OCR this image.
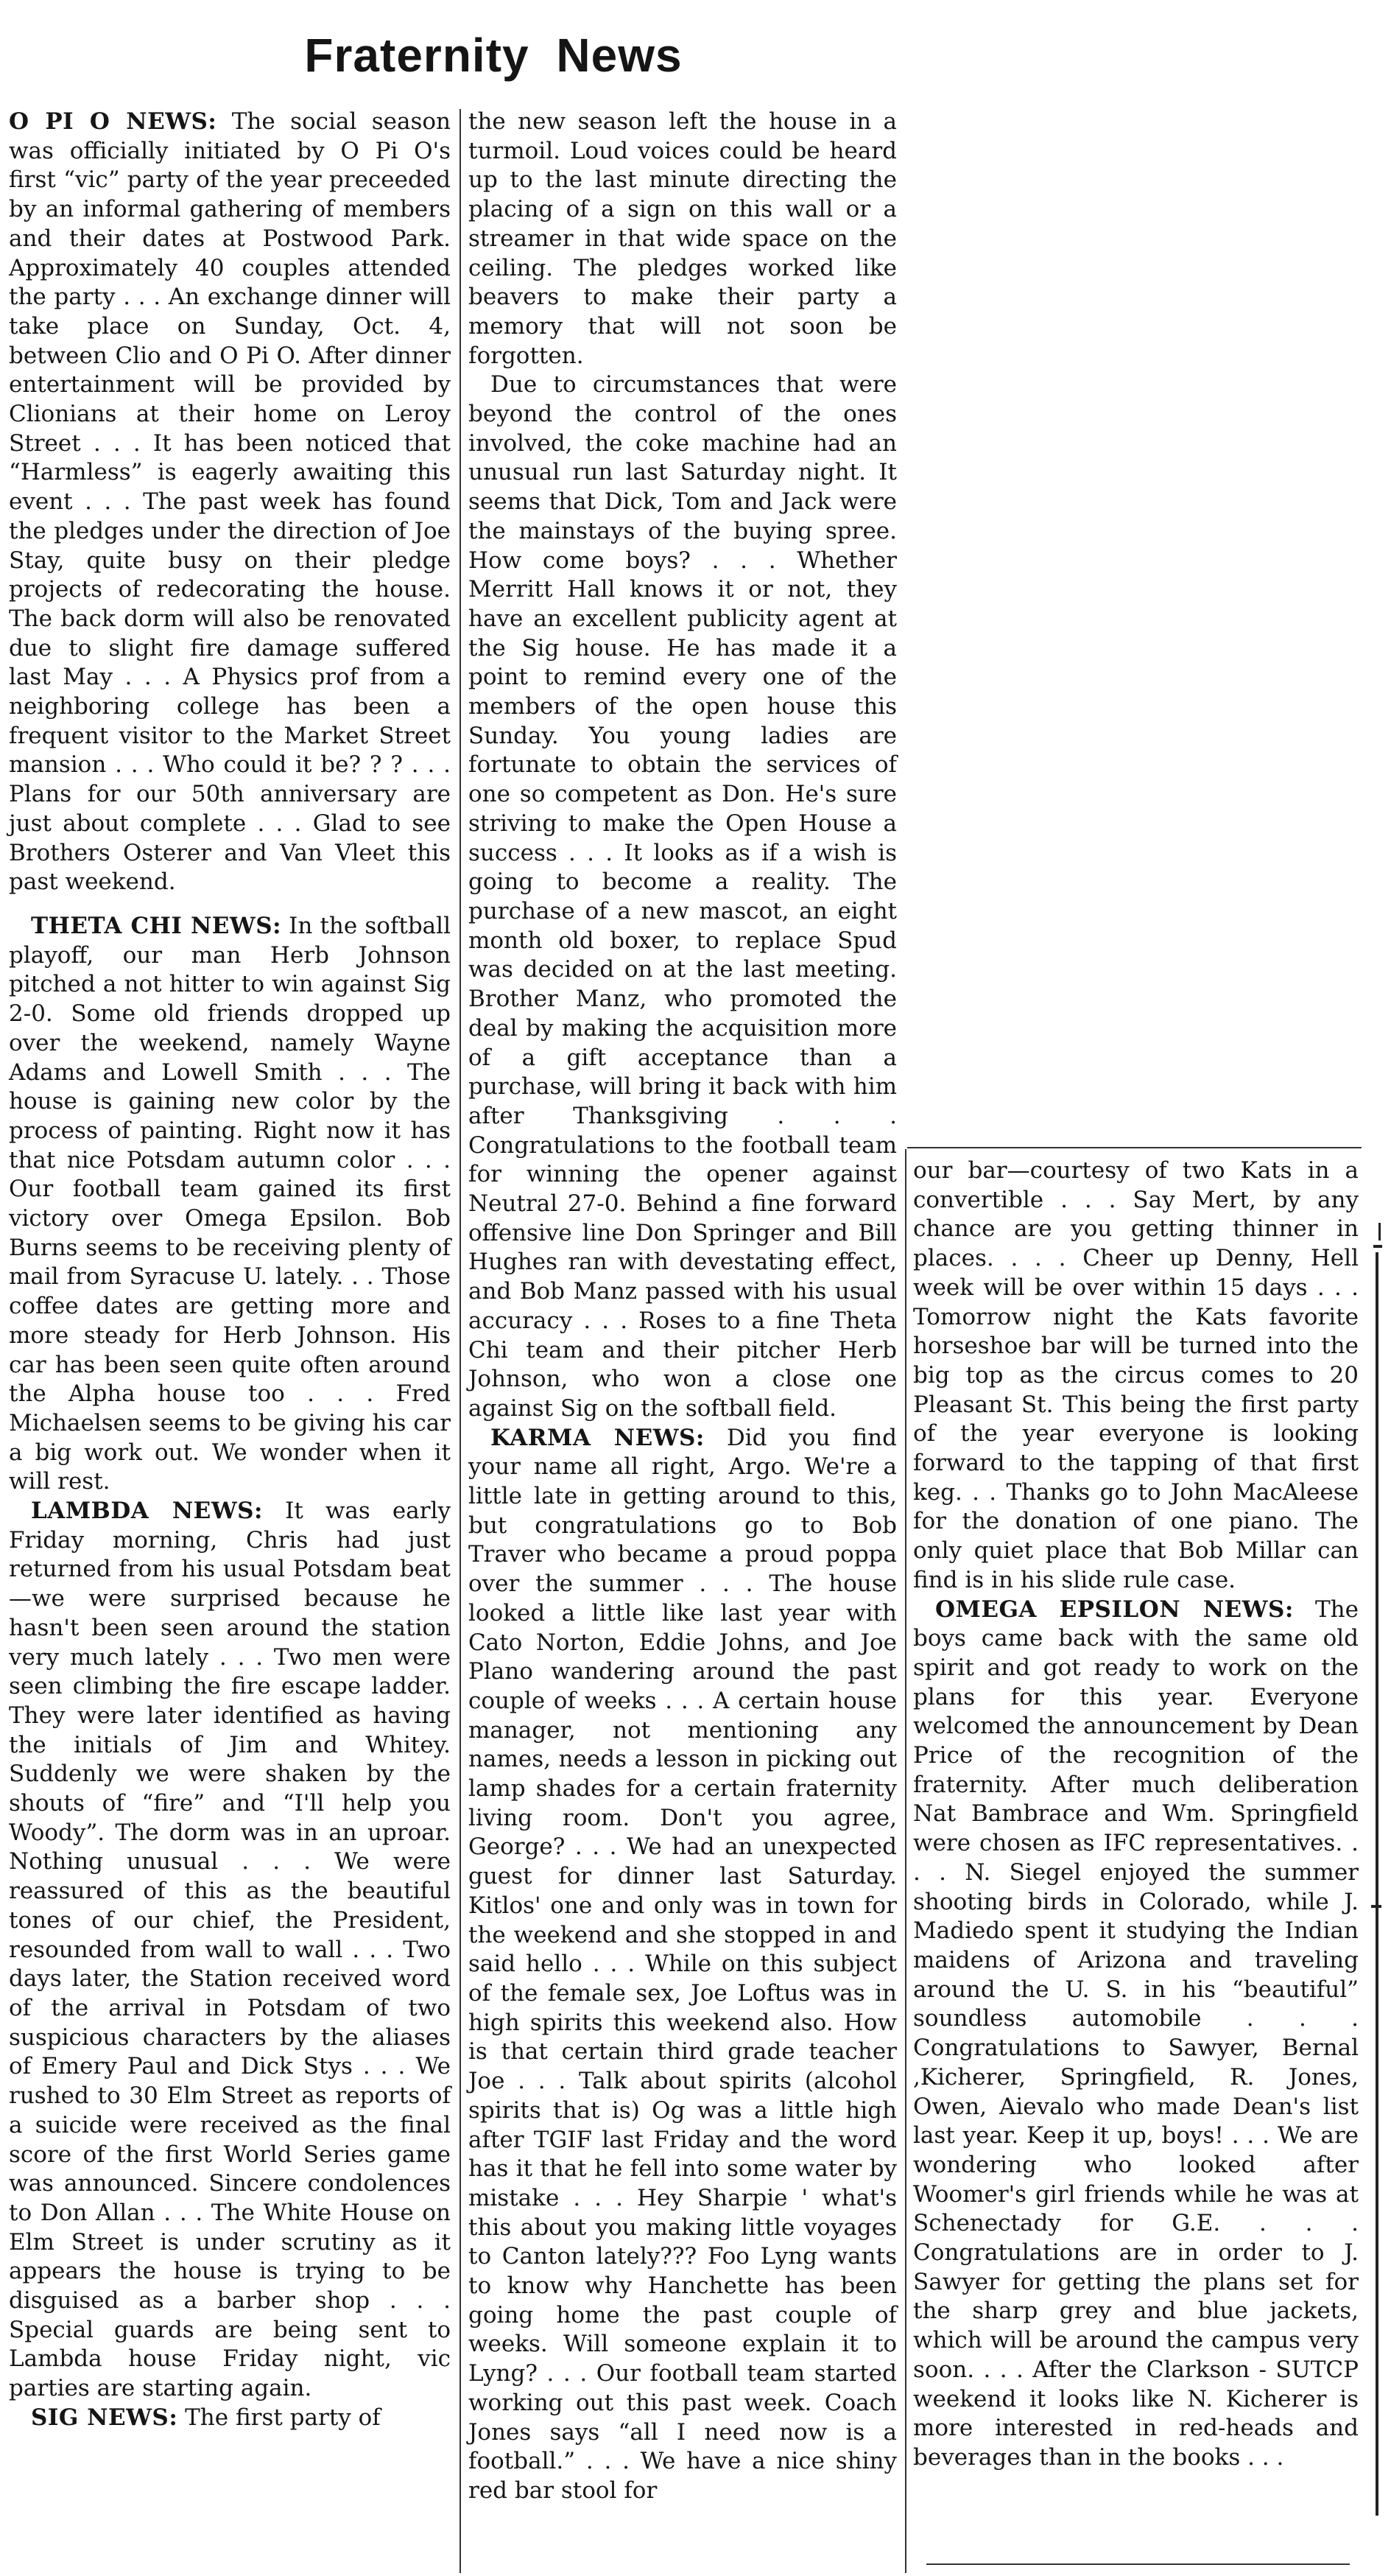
Fraternity News

O PI O NEWS: The social season was officially initiated by O Pi O's first “vic” party of the year preceeded by an informal gathering of members and their dates at Postwood Park. Approximately 40 couples attended the party . . . An exchange dinner will take place on Sunday, Oct. 4, between Clio and O Pi O. After dinner entertainment will be provided by Clionians at their home on Leroy Street . . . It has been noticed that “Harmless” is eagerly awaiting this event . . . The past week has found the pledges under the direction of Joe Stay, quite busy on their pledge projects of redecorating the house. The back dorm will also be renovated due to slight fire damage suffered last May . . . A Physics prof from a neighboring college has been a frequent visitor to the Market Street mansion . . . Who could it be? ? ? . . . Plans for our 50th anniversary are just about complete . . . Glad to see Brothers Osterer and Van Vleet this past weekend.

THETA CHI NEWS: In the softball playoff, our man Herb Johnson pitched a not hitter to win against Sig 2-0. Some old friends dropped up over the weekend, namely Wayne Adams and Lowell Smith . . . The house is gaining new color by the process of painting. Right now it has that nice Potsdam autumn color . . . Our football team gained its first victory over Omega Epsilon. Bob Burns seems to be receiving plenty of mail from Syracuse U. lately. . . Those coffee dates are getting more and more steady for Herb Johnson. His car has been seen quite often around the Alpha house too . . . Fred Michaelsen seems to be giving his car a big work out. We wonder when it will rest.

LAMBDA NEWS: It was early Friday morning, Chris had just returned from his usual Potsdam beat—we were surprised because he hasn't been seen around the station very much lately . . . Two men were seen climbing the fire escape ladder. They were later identified as having the initials of Jim and Whitey. Suddenly we were shaken by the shouts of “fire” and “I'll help you Woody”. The dorm was in an uproar. Nothing unusual . . . We were reassured of this as the beautiful tones of our chief, the President, resounded from wall to wall . . . Two days later, the Station received word of the arrival in Potsdam of two suspicious characters by the aliases of Emery Paul and Dick Stys . . . We rushed to 30 Elm Street as reports of a suicide were received as the final score of the first World Series game was announced. Sincere condolences to Don Allan . . . The White House on Elm Street is under scrutiny as it appears the house is trying to be disguised as a barber shop . . . Special guards are being sent to Lambda house Friday night, vic parties are starting again.

SIG NEWS: The first party of

the new season left the house in a turmoil. Loud voices could be heard up to the last minute directing the placing of a sign on this wall or a streamer in that wide space on the ceiling. The pledges worked like beavers to make their party a memory that will not soon be forgotten.

Due to circumstances that were beyond the control of the ones involved, the coke machine had an unusual run last Saturday night. It seems that Dick, Tom and Jack were the mainstays of the buying spree. How come boys? . . . Whether Merritt Hall knows it or not, they have an excellent publicity agent at the Sig house. He has made it a point to remind every one of the members of the open house this Sunday. You young ladies are fortunate to obtain the services of one so competent as Don. He's sure striving to make the Open House a success . . . It looks as if a wish is going to become a reality. The purchase of a new mascot, an eight month old boxer, to replace Spud was decided on at the last meeting. Brother Manz, who promoted the deal by making the acquisition more of a gift acceptance than a purchase, will bring it back with him after Thanksgiving . . . Congratulations to the football team for winning the opener against Neutral 27-0. Behind a fine forward offensive line Don Springer and Bill Hughes ran with devestating effect, and Bob Manz passed with his usual accuracy . . . Roses to a fine Theta Chi team and their pitcher Herb Johnson, who won a close one against Sig on the softball field.

KARMA NEWS: Did you find your name all right, Argo. We're a little late in getting around to this, but congratulations go to Bob Traver who became a proud poppa over the summer . . . The house looked a little like last year with Cato Norton, Eddie Johns, and Joe Plano wandering around the past couple of weeks . . . A certain house manager, not mentioning any names, needs a lesson in picking out lamp shades for a certain fraternity living room. Don't you agree, George? . . . We had an unexpected guest for dinner last Saturday. Kitlos' one and only was in town for the weekend and she stopped in and said hello . . . While on this subject of the female sex, Joe Loftus was in high spirits this weekend also. How is that certain third grade teacher Joe . . . Talk about spirits (alcohol spirits that is) Og was a little high after TGIF last Friday and the word has it that he fell into some water by mistake . . . Hey Sharpie ' what's this about you making little voyages to Canton lately??? Foo Lyng wants to know why Hanchette has been going home the past couple of weeks. Will someone explain it to Lyng? . . . Our football team started working out this past week. Coach Jones says “all I need now is a football.” . . . We have a nice shiny red bar stool for

our bar—courtesy of two Kats in a convertible . . . Say Mert, by any chance are you getting thinner in places. . . . Cheer up Denny, Hell week will be over within 15 days . . . Tomorrow night the Kats favorite horseshoe bar will be turned into the big top as the circus comes to 20 Pleasant St. This being the first party of the year everyone is looking forward to the tapping of that first keg. . . Thanks go to John MacAleese for the donation of one piano. The only quiet place that Bob Millar can find is in his slide rule case.

OMEGA EPSILON NEWS: The boys came back with the same old spirit and got ready to work on the plans for this year. Everyone welcomed the announcement by Dean Price of the recognition of the fraternity. After much deliberation Nat Bambrace and Wm. Springfield were chosen as IFC representatives. . . . N. Siegel enjoyed the summer shooting birds in Colorado, while J. Madiedo spent it studying the Indian maidens of Arizona and traveling around the U. S. in his “beautiful” soundless automobile . . . Congratulations to Sawyer, Bernal ,Kicherer, Springfield, R. Jones, Owen, Aievalo who made Dean's list last year. Keep it up, boys! . . . We are wondering who looked after Woomer's girl friends while he was at Schenectady for G.E. . . . Congratulations are in order to J. Sawyer for getting the plans set for the sharp grey and blue jackets, which will be around the campus very soon. . . . After the Clarkson - SUTCP weekend it looks like N. Kicherer is more interested in red-heads and beverages than in the books . . .
